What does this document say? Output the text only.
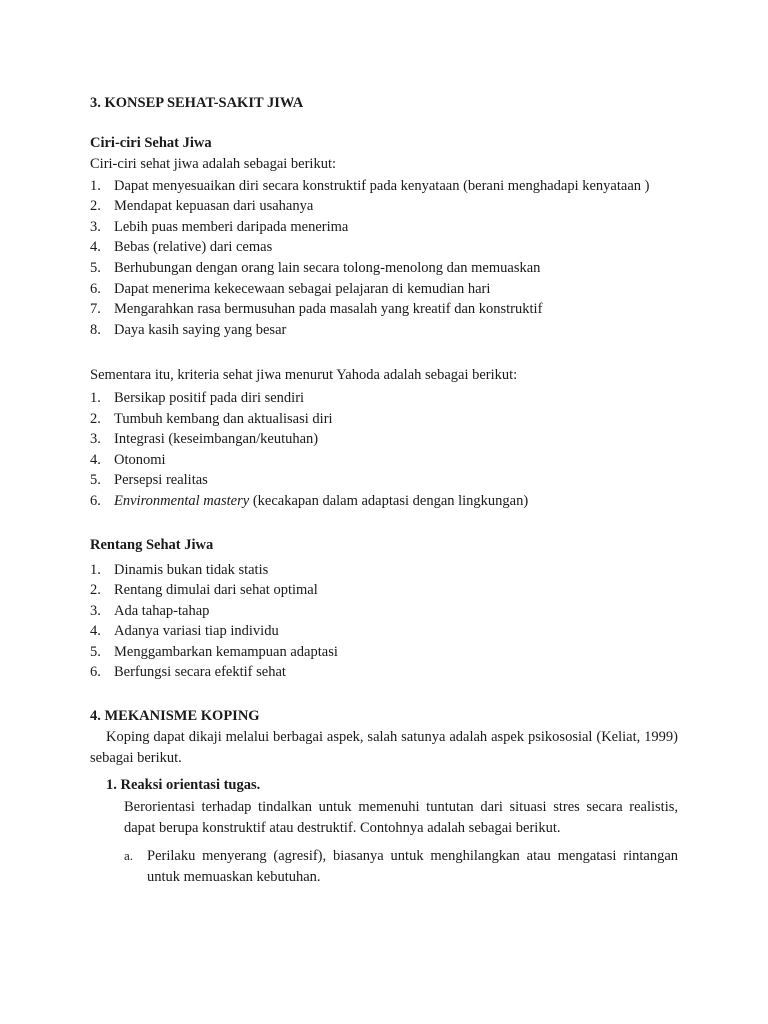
3. KONSEP SEHAT-SAKIT JIWA
Ciri-ciri Sehat Jiwa

Ciri-ciri sehat jiwa adalah sebagai berikut:

1. Dapat menyesuaikan diri secara konstruktif pada kenyataan (berani menghadapi kenyataan )
2. Mendapat kepuasan dari usahanya
3. Lebih puas memberi daripada menerima
4. Bebas (relative) dari cemas
5. Berhubungan dengan orang lain secara tolong-menolong dan memuaskan
6. Dapat menerima kekecewaan sebagai pelajaran di kemudian hari
7. Mengarahkan rasa bermusuhan pada masalah yang kreatif dan konstruktif
8. Daya kasih saying yang besar

Sementara itu, kriteria sehat jiwa menurut Yahoda adalah sebagai berikut:

1. Bersikap positif pada diri sendiri
2. Tumbuh kembang dan aktualisasi diri
3. Integrasi (keseimbangan/keutuhan)
4. Otonomi
5. Persepsi realitas
6. Environmental mastery (kecakapan dalam adaptasi dengan lingkungan)
Rentang Sehat Jiwa
1. Dinamis bukan tidak statis
2. Rentang dimulai dari sehat optimal
3. Ada tahap-tahap
4. Adanya variasi tiap individu
5. Menggambarkan kemampuan adaptasi
6. Berfungsi secara efektif sehat
4. MEKANISME KOPING

Koping dapat dikaji melalui berbagai aspek, salah satunya adalah aspek psikososial (Keliat, 1999) sebagai berikut.

1. Reaksi orientasi tugas.

Berorientasi terhadap tindalkan untuk memenuhi tuntutan dari situasi stres secara realistis, dapat berupa konstruktif atau destruktif. Contohnya adalah sebagai berikut.

a. Perilaku menyerang (agresif), biasanya untuk menghilangkan atau mengatasi rintangan untuk memuaskan kebutuhan.
